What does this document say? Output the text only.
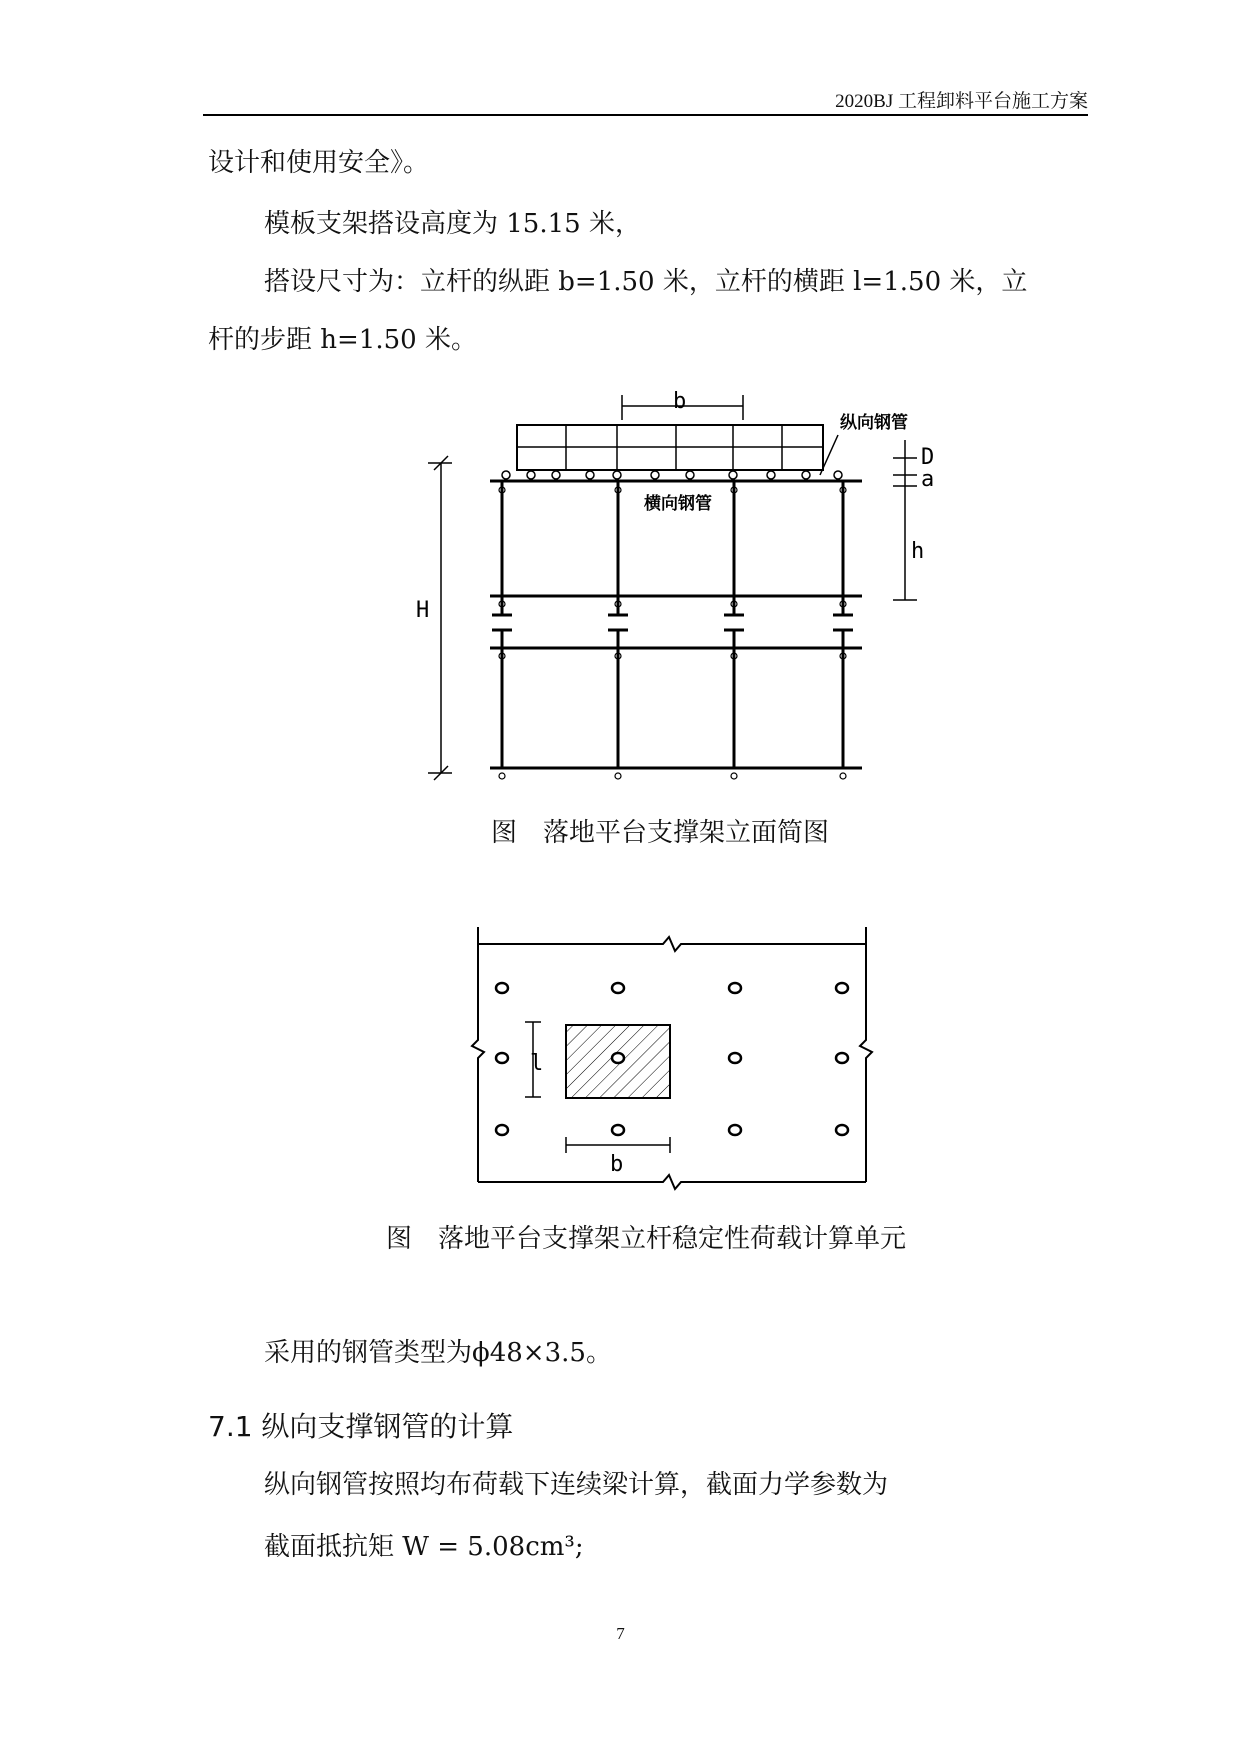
2020BJ 工程卸料平台施工方案
设计和使用安全》。
模板支架搭设高度为 15.15 米，
搭设尺寸为：立杆的纵距 b=1.50 米，立杆的横距 l=1.50 米，立
杆的步距 h=1.50 米。
b
纵向钢管
横向钢管
D
a
h
H
l
b
图　落地平台支撑架立面简图
图　落地平台支撑架立杆稳定性荷载计算单元
采用的钢管类型为ϕ48×3.5。
7.1 纵向支撑钢管的计算
纵向钢管按照均布荷载下连续梁计算，截面力学参数为
截面抵抗矩 W = 5.08cm³;
7
